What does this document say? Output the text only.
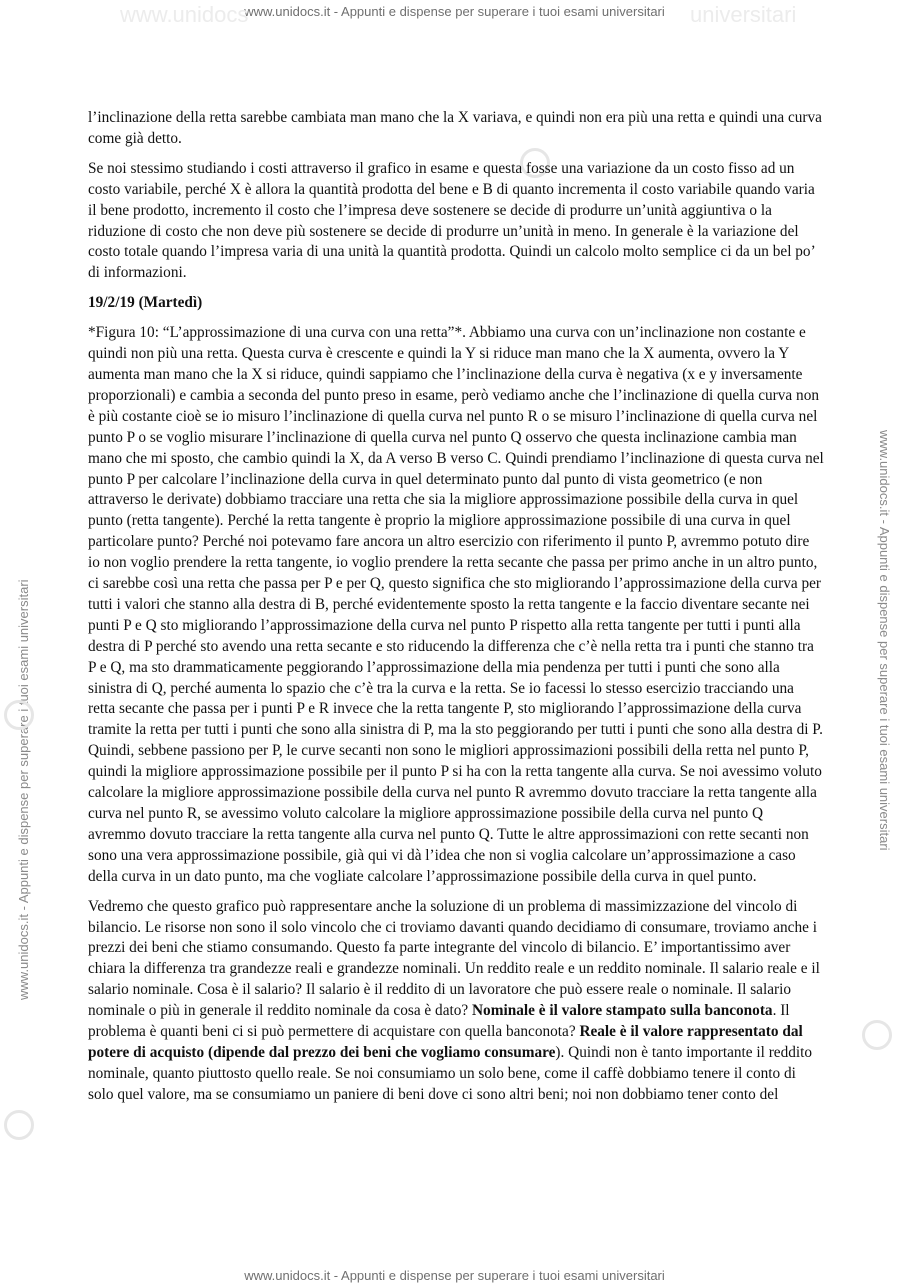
www.unidocs.it - Appunti e dispense per superare i tuoi esami universitari
www.unidocs.it - Appunti e dispense per superare i tuoi esami universitari
www.unidocs	universitari
www.unidocs.it - Appunti e dispense per superare i tuoi esami universitari	www.unidocs.it - Appunti e dispense per superare i tuoi esami universitari

l’inclinazione della retta sarebbe cambiata man mano che la X variava, e quindi non era più una retta e quindi una curva come già detto.

Se noi stessimo studiando i costi attraverso il grafico in esame e questa fosse una variazione da un costo fisso ad un costo variabile, perché X è allora la quantità prodotta del bene e B di quanto incrementa il costo variabile quando varia il bene prodotto, incremento il costo che l’impresa deve sostenere se decide di produrre un’unità aggiuntiva o la riduzione di costo che non deve più sostenere se decide di produrre un’unità in meno. In generale è la variazione del costo totale quando l’impresa varia di una unità la quantità prodotta. Quindi un calcolo molto semplice ci da un bel po’ di informazioni.

19/2/19 (Martedì)

*Figura 10: “L’approssimazione di una curva con una retta”*. Abbiamo una curva con un’inclinazione non costante e quindi non più una retta. Questa curva è crescente e quindi la Y si riduce man mano che la X aumenta, ovvero la Y aumenta man mano che la X si riduce, quindi sappiamo che l’inclinazione della curva è negativa (x e y inversamente proporzionali) e cambia a seconda del punto preso in esame, però vediamo anche che l’inclinazione di quella curva non è più costante cioè se io misuro l’inclinazione di quella curva nel punto R o se misuro l’inclinazione di quella curva nel punto P o se voglio misurare l’inclinazione di quella curva nel punto Q osservo che questa inclinazione cambia man mano che mi sposto, che cambio quindi la X, da A verso B verso C. Quindi prendiamo l’inclinazione di questa curva nel punto P per calcolare l’inclinazione della curva in quel determinato punto dal punto di vista geometrico (e non attraverso le derivate) dobbiamo tracciare una retta che sia la migliore approssimazione possibile della curva in quel punto (retta tangente). Perché la retta tangente è proprio la migliore approssimazione possibile di una curva in quel particolare punto? Perché noi potevamo fare ancora un altro esercizio con riferimento il punto P, avremmo potuto dire io non voglio prendere la retta tangente, io voglio prendere la retta secante che passa per primo anche in un altro punto, ci sarebbe così una retta che passa per P e per Q, questo significa che sto migliorando l’approssimazione della curva per tutti i valori che stanno alla destra di B, perché evidentemente sposto la retta tangente e la faccio diventare secante nei punti P e Q sto migliorando l’approssimazione della curva nel punto P rispetto alla retta tangente per tutti i punti alla destra di P perché sto avendo una retta secante e sto riducendo la differenza che c’è nella retta tra i punti che stanno tra P e Q, ma sto drammaticamente peggiorando l’approssimazione della mia pendenza per tutti i punti che sono alla sinistra di Q, perché aumenta lo spazio che c’è tra la curva e la retta. Se io facessi lo stesso esercizio tracciando una retta secante che passa per i punti P e R invece che la retta tangente P, sto migliorando l’approssimazione della curva tramite la retta per tutti i punti che sono alla sinistra di P, ma la sto peggiorando per tutti i punti che sono alla destra di P. Quindi, sebbene passiono per P, le curve secanti non sono le migliori approssimazioni possibili della retta nel punto P, quindi la migliore approssimazione possibile per il punto P si ha con la retta tangente alla curva. Se noi avessimo voluto calcolare la migliore approssimazione possibile della curva nel punto R avremmo dovuto tracciare la retta tangente alla curva nel punto R, se avessimo voluto calcolare la migliore approssimazione possibile della curva nel punto Q avremmo dovuto tracciare la retta tangente alla curva nel punto Q. Tutte le altre approssimazioni con rette secanti non sono una vera approssimazione possibile, già qui vi dà l’idea che non si voglia calcolare un’approssimazione a caso della curva in un dato punto, ma che vogliate calcolare l’approssimazione possibile della curva in quel punto.

Vedremo che questo grafico può rappresentare anche la soluzione di un problema di massimizzazione del vincolo di bilancio. Le risorse non sono il solo vincolo che ci troviamo davanti quando decidiamo di consumare, troviamo anche i prezzi dei beni che stiamo consumando. Questo fa parte integrante del vincolo di bilancio. E’ importantissimo aver chiara la differenza tra grandezze reali e grandezze nominali. Un reddito reale e un reddito nominale. Il salario reale e il salario nominale. Cosa è il salario? Il salario è il reddito di un lavoratore che può essere reale o nominale. Il salario nominale o più in generale il reddito nominale da cosa è dato? Nominale è il valore stampato sulla banconota. Il problema è quanti beni ci si può permettere di acquistare con quella banconota? Reale è il valore rappresentato dal potere di acquisto (dipende dal prezzo dei beni che vogliamo consumare). Quindi non è tanto importante il reddito nominale, quanto piuttosto quello reale. Se noi consumiamo un solo bene, come il caffè dobbiamo tenere il conto di solo quel valore, ma se consumiamo un paniere di beni dove ci sono altri beni; noi non dobbiamo tener conto del
